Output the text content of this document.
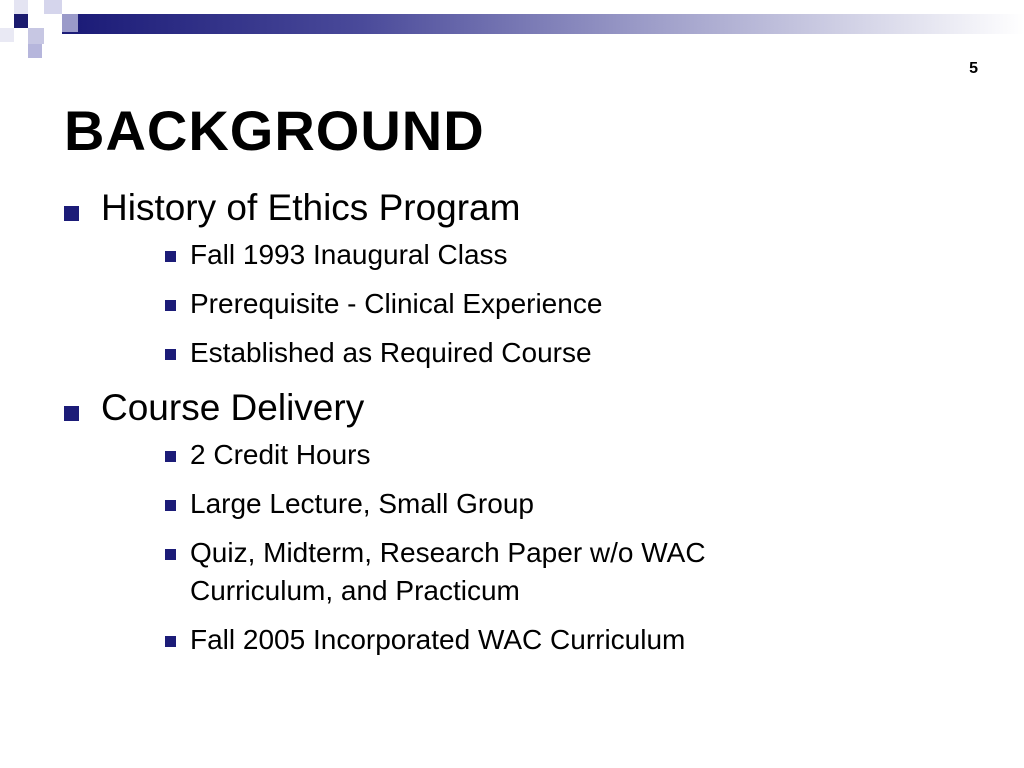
5
BACKGROUND
History of Ethics Program
Fall 1993 Inaugural Class
Prerequisite - Clinical Experience
Established as Required Course
Course Delivery
2 Credit Hours
Large Lecture, Small Group
Quiz, Midterm, Research Paper w/o WAC Curriculum, and Practicum
Fall 2005 Incorporated WAC Curriculum
